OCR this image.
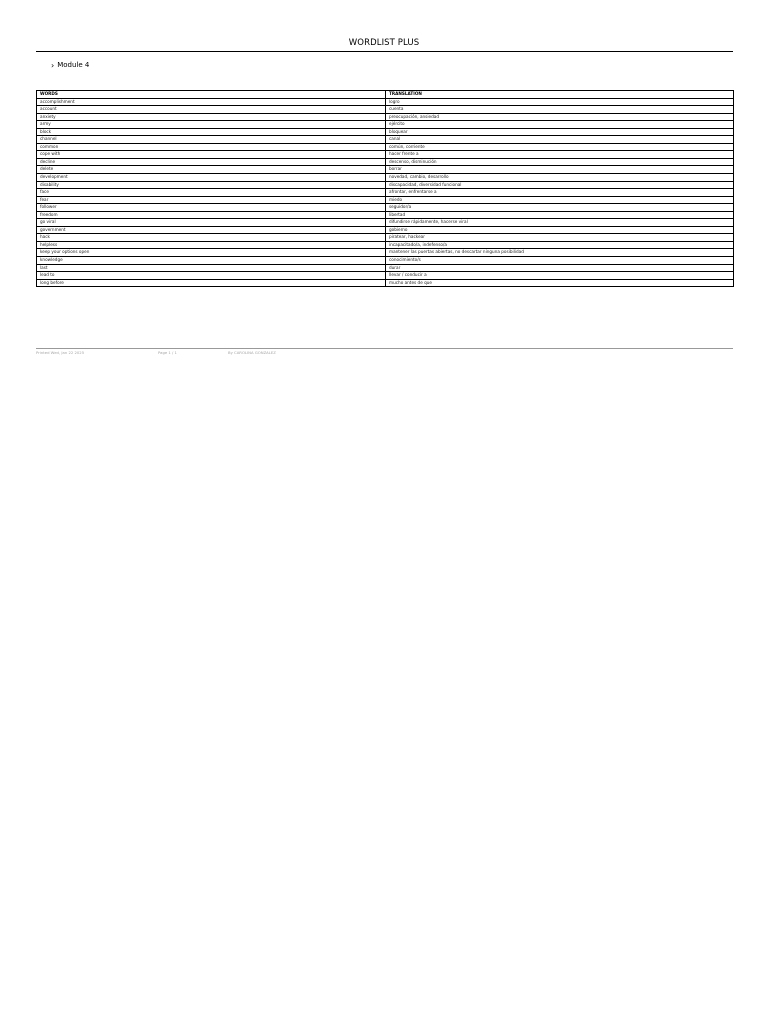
WORDLIST PLUS
› Module 4
WORDS	TRANSLATION
accomplishment	logro
account	cuenta
anxiety	preocupación, ansiedad
army	ejército
block	bloquear
channel	canal
common	común, corriente
cope with	hacer frente a
decline	descenso, disminución
delete	borrar
development	novedad, cambio, desarrollo
disability	discapacidad, diversidad funcional
face	afrontar, enfrentarse a
fear	miedo
follower	seguidor/a
freedom	libertad
go viral	difundirse rápidamente, hacerse viral
government	gobierno
hack	piratear, hackear
helpless	incapacitado/a, indefenso/a
keep your options open	mantener las puertas abiertas, no descartar ninguna posibilidad
knowledge	conocimiento/s
last	durar
lead to	llevar / conducir a
long before	mucho antes de que
Printed Wed, Jan 22 2025	Page 1 / 1	By CAROLINA GONZALEZ
